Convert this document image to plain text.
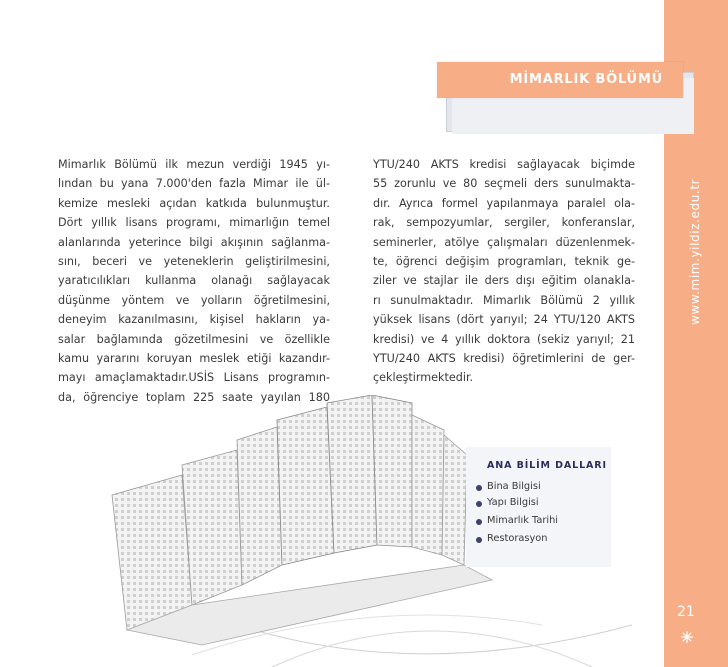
21
MİMARLIK BÖLÜMÜ
Mimarlık Bölümü ilk mezun verdiği 1945 yı-
lından bu yana 7.000'den fazla Mimar ile ül-
kemize mesleki açıdan katkıda bulunmuştur.
Dört yıllık lisans programı, mimarlığın temel
alanlarında yeterince bilgi akışının sağlanma-
sını, beceri ve yeteneklerin geliştirilmesini,
yaratıcılıkları kullanma olanağı sağlayacak
düşünme yöntem ve yolların öğretilmesini,
deneyim kazanılmasını, kişisel hakların ya-
salar bağlamında gözetilmesini ve özellikle
kamu yararını koruyan meslek etiği kazandır-
mayı amaçlamaktadır.USİS Lisans programın-
da, öğrenciye toplam 225 saate yayılan 180
YTU/240 AKTS kredisi sağlayacak biçimde
55 zorunlu ve 80 seçmeli ders sunulmakta-
dır. Ayrıca formel yapılanmaya paralel ola-
rak, sempozyumlar, sergiler, konferanslar,
seminerler, atölye çalışmaları düzenlenmek-
te, öğrenci değişim programları, teknik ge-
ziler ve stajlar ile ders dışı eğitim olanakla-
rı sunulmaktadır. Mimarlık Bölümü 2 yıllık
yüksek lisans (dört yarıyıl; 24 YTU/120 AKTS
kredisi) ve 4 yıllık doktora (sekiz yarıyıl; 21
YTU/240 AKTS kredisi) öğretimlerini de ger-
çekleştirmektedir.
ANA BİLİM DALLARI
Bina Bilgisi
Yapı Bilgisi
Mimarlık Tarihi
Restorasyon
